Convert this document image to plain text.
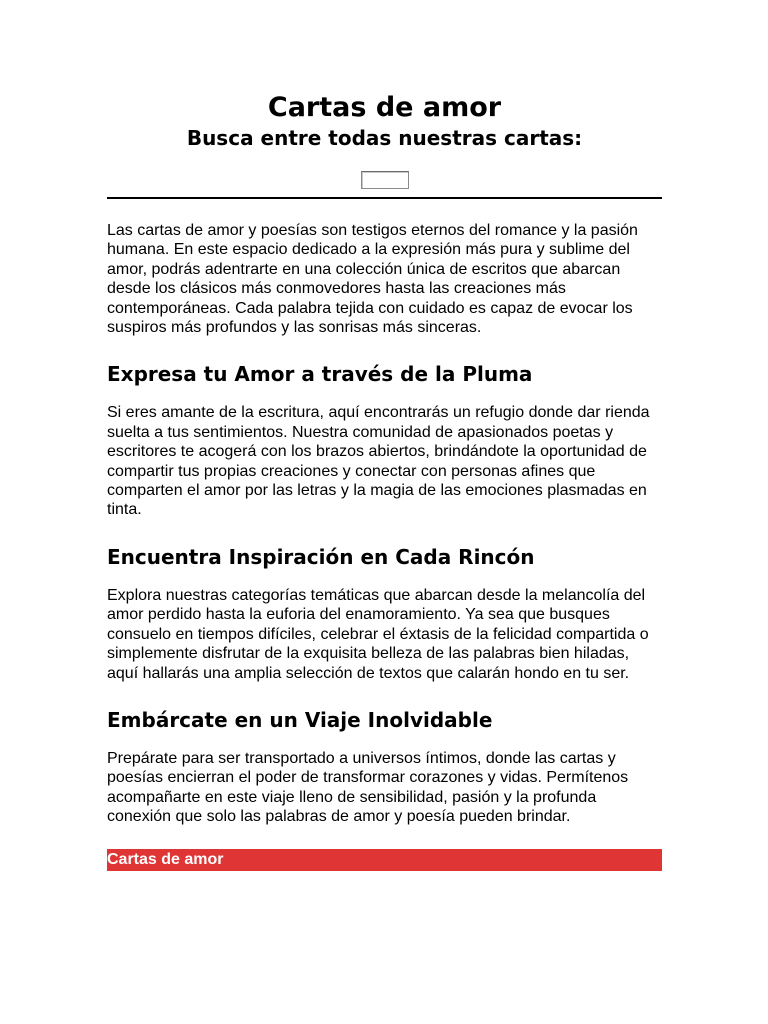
Cartas de amor
Busca entre todas nuestras cartas:

Las cartas de amor y poesías son testigos eternos del romance y la pasión humana. En este espacio dedicado a la expresión más pura y sublime del amor, podrás adentrarte en una colección única de escritos que abarcan desde los clásicos más conmovedores hasta las creaciones más contemporáneas. Cada palabra tejida con cuidado es capaz de evocar los suspiros más profundos y las sonrisas más sinceras.

Expresa tu Amor a través de la Pluma

Si eres amante de la escritura, aquí encontrarás un refugio donde dar rienda suelta a tus sentimientos. Nuestra comunidad de apasionados poetas y escritores te acogerá con los brazos abiertos, brindándote la oportunidad de compartir tus propias creaciones y conectar con personas afines que comparten el amor por las letras y la magia de las emociones plasmadas en tinta.

Encuentra Inspiración en Cada Rincón

Explora nuestras categorías temáticas que abarcan desde la melancolía del amor perdido hasta la euforia del enamoramiento. Ya sea que busques consuelo en tiempos difíciles, celebrar el éxtasis de la felicidad compartida o simplemente disfrutar de la exquisita belleza de las palabras bien hiladas, aquí hallarás una amplia selección de textos que calarán hondo en tu ser.

Embárcate en un Viaje Inolvidable

Prepárate para ser transportado a universos íntimos, donde las cartas y poesías encierran el poder de transformar corazones y vidas. Permítenos acompañarte en este viaje lleno de sensibilidad, pasión y la profunda conexión que solo las palabras de amor y poesía pueden brindar.

Cartas de amor
